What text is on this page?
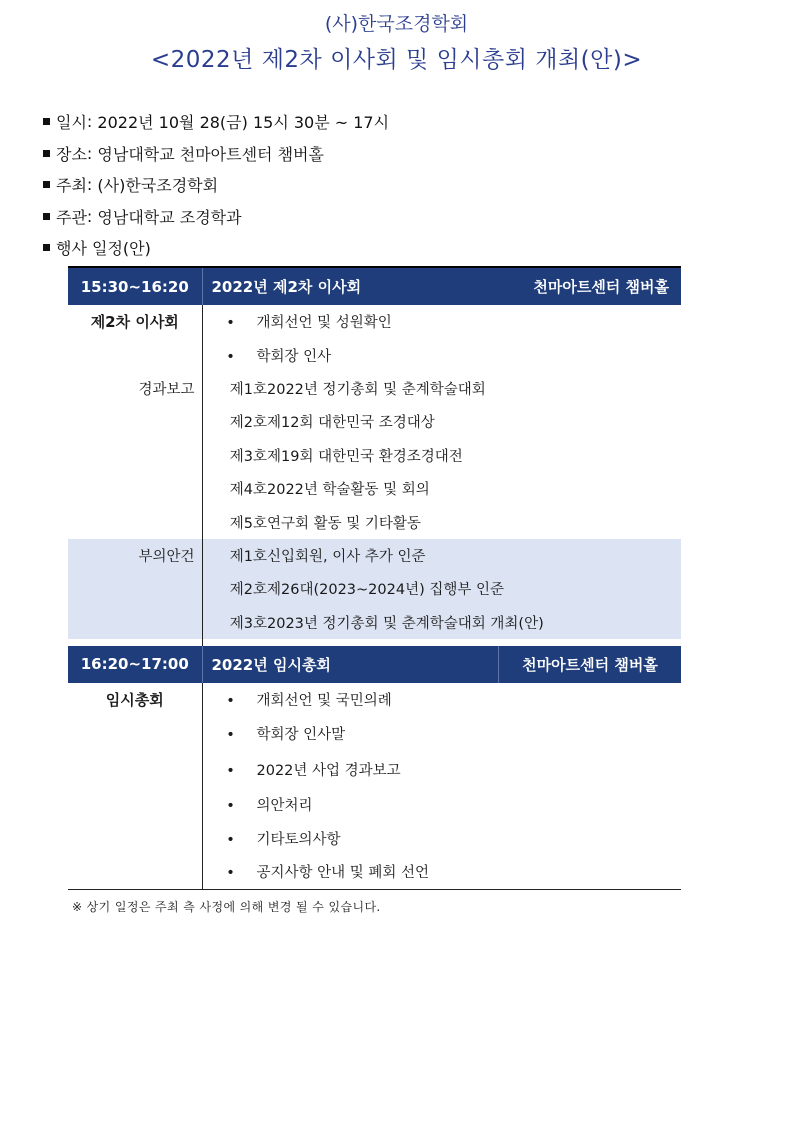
(사)한국조경학회
<2022년 제2차 이사회 및 임시총회 개최(안)>
일시 : 2022년 10월 28(금) 15시 30분 ~ 17시
장소 : 영남대학교 천마아트센터 챔버홀
주최 : (사)한국조경학회
주관 : 영남대학교 조경학과
행사 일정(안)
15:30~16:20	2022년 제2차 이사회 천마아트센터 챔버홀	

제2차 이사회	• 개회선언 및 성원확인	
	• 학회장 인사	
경과보고	제1호	2022년 정기총회 및 춘계학술대회
	제2호	제12회 대한민국 조경대상
	제3호	제19회 대한민국 환경조경대전
	제4호	2022년 학술활동 및 회의
	제5호	연구회 활동 및 기타활동
부의안건	제1호	신입회원, 이사 추가 인준
	제2호	제26대(2023~2024년) 집행부 인준
	제3호	2023년 정기총회 및 춘계학술대회 개최(안)

16:20~17:00	2022년 임시총회 천마아트센터 챔버홀	

임시총회	• 개회선언 및 국민의례	
	• 학회장 인사말	
	• 2022년 사업 경과보고	
	• 의안처리	
	• 기타토의사항	
	• 공지사항 안내 및 폐회 선언	
※ 상기 일정은 주최 측 사정에 의해 변경 될 수 있습니다.
